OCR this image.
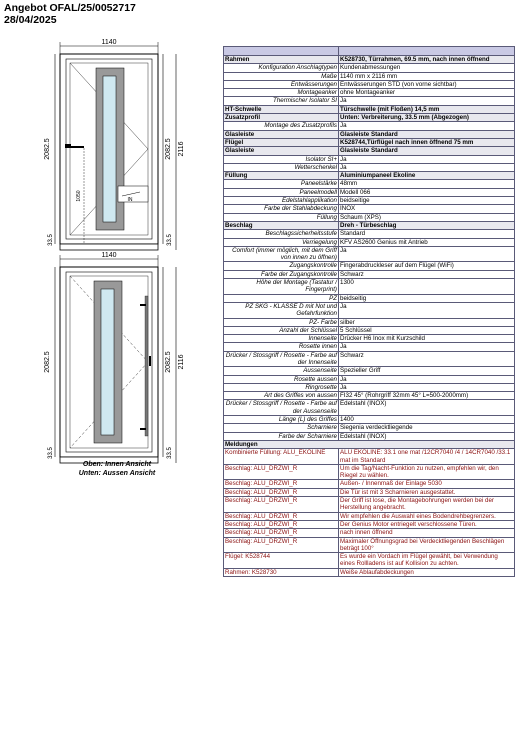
Angebot OFAL/25/0052717
28/04/2025
1140
IN
1050
2082.5	2082.5 2116
33.5	33.5
1140
2082.5	2082.5 2116
33.5	33.5
Oben: Innen Ansicht
Unten: Aussen Ansicht

Rahmen	K528730, Türrahmen, 69.5 mm, nach innen öffnend
Konfiguration Anschlagtypen	Kundenabmessungen
Maße	1140 mm x 2116 mm
Entwässerungen	Entwässerungen STD (von vorne sichtbar)
Montageanker	ohne Montageanker
Thermischer Isolator SI	Ja
HT-Schwelle	Türschwelle (mit Floßen) 14,5 mm
Zusatzprofil	Unten: Verbreiterung, 33.5 mm (Abgezogen)
Montage des Zusatzprofils	Ja
Glasleiste	Glasleiste Standard
Flügel	K528744,Türflügel nach innen öffnend 75 mm
Glasleiste	Glasleiste Standard
Isolator SI+	Ja
Wetterschenkel	Ja
Füllung	Aluminiumpaneel Ekoline
Paneelstärke	48mm
Paneelmodell	Modell 066
Edelstahlapplikation	beidseitige
Farbe der Stahlabdeckung	INOX
Füllung	Schaum (XPS)
Beschlag	Dreh - Türbeschlag
Beschlagssicherheitsstufe	Standard
Verriegelung	KFV AS2600 Genius mit Antrieb
Comfort (immer möglich, mit dem Griff von innen zu öffnen)	Ja
Zugangskontrolle	Fingerabdruckleser auf dem Flügel (WiFi)
Farbe der Zugangskontrolle	Schwarz
Höhe der Montage (Tastatur / Fingerprint)	1300
PZ	beidseitig
PZ SKG - KLASSE D mit Not und Gefahrfunktion	Ja
PZ- Farbe	silber
Anzahl der Schlüssel	5 Schlüssel
Innenseite	Drücker H6 Inox mit Kurzschild
Rosette innen	Ja
Drücker / Stossgriff / Rosette - Farbe auf der Innenseite	Schwarz
Aussenseite	Spezieller Griff
Rosette aussen	Ja
Ringrosette	Ja
Art des Griffes von aussen	FI32 45° (Rohrgriff 32mm 45° L=500-2000mm)
Drücker / Stossgriff / Rosette - Farbe auf der Aussenseite	Edelstahl (INOX)
Länge (L) des Griffes	1400
Scharniere	Siegenia verdecktliegende
Farbe der Scharniere	Edelstahl (INOX)
Meldungen	
Kombinierte Füllung: ALU_EKOLINE	ALU EKOLINE: 33.1 one mat /12CR7040 /4 / 14CR7040 /33.1 mat im Standard
Beschlag: ALU_DRZWI_R	Um die Tag/Nacht-Funktion zu nutzen, empfehlen wir, den Riegel zu wählen.
Beschlag: ALU_DRZWI_R	Außen- / Innenmaß der Einlage 5030
Beschlag: ALU_DRZWI_R	Die Tür ist mit 3 Scharnieren ausgestattet.
Beschlag: ALU_DRZWI_R	Der Griff ist lose, die Montagebohrungen werden bei der Herstellung angebracht.
Beschlag: ALU_DRZWI_R	Wir empfehlen die Auswahl eines Bodendrehbegrenzers.
Beschlag: ALU_DRZWI_R	Der Genius Motor entriegelt verschlossene Türen.
Beschlag: ALU_DRZWI_R	nach innen öffnend
Beschlag: ALU_DRZWI_R	Maximaler Öffnungsgrad bei Verdecktliegenden Beschlägen beträgt 100°
Flügel: K528744	Es wurde ein Vordach im Flügel gewählt, bei Verwendung eines Rollladens ist auf Kollision zu achten.
Rahmen: K528730	Weiße Ablaufabdeckungen
